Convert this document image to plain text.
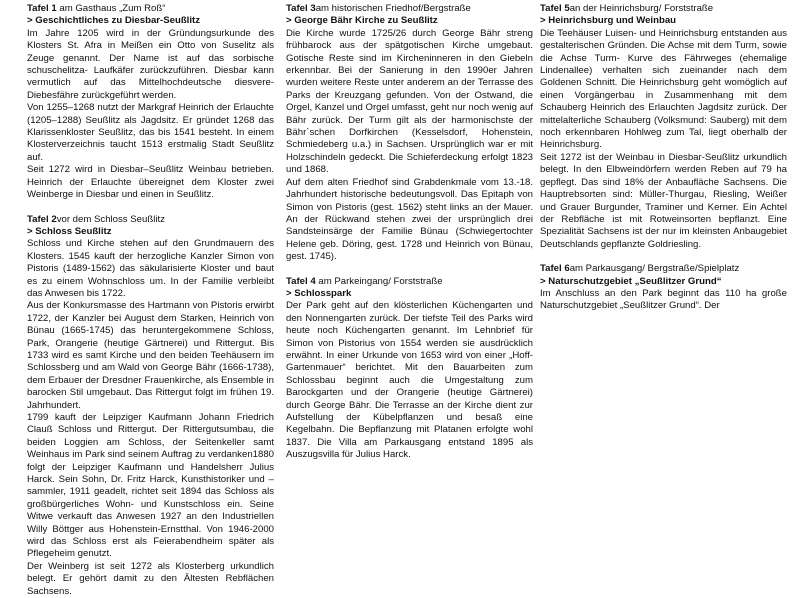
Tafel 1 am Gasthaus „Zum Roß“
> Geschichtliches zu Diesbar-Seußlitz

Im Jahre 1205 wird in der Gründungsurkunde des Klosters St. Afra in Meißen ein Otto von Suselitz als Zeuge genannt. Der Name ist auf das sorbische schuschelitza- Laufkäfer zurückzuführen. Diesbar kann vermutlich auf das Mittelhochdeutsche diesvere- Diebesfähre zurückgeführt werden.

Von 1255–1268 nutzt der Markgraf Heinrich der Erlauchte (1205–1288) Seußlitz als Jagdsitz. Er gründet 1268 das Klarissenkloster Seußlitz, das bis 1541 besteht. In einem Klosterverzeichnis taucht 1513 erstmalig Stadt Seußlitz auf.

Seit 1272 wird in Diesbar–Seußlitz Weinbau betrieben. Heinrich der Erlauchte übereignet dem Kloster zwei Weinberge in Diesbar und einen in Seußlitz.

Tafel 2vor dem Schloss Seußlitz
> Schloss Seußlitz

Schloss und Kirche stehen auf den Grundmauern des Klosters. 1545 kauft der herzogliche Kanzler Simon von Pistoris (1489-1562) das säkularisierte Kloster und baut es zu einem Wohnschloss um. In der Familie verbleibt das Anwesen bis 1722.

Aus der Konkursmasse des Hartmann von Pistoris erwirbt 1722, der Kanzler bei August dem Starken, Heinrich von Bünau (1665-1745) das heruntergekommene Schloss, Park, Orangerie (heutige Gärtnerei) und Rittergut. Bis 1733 wird es samt Kirche und den beiden Teehäusern im Schlossberg und am Wald von George Bähr (1666-1738), dem Erbauer der Dresdner Frauenkirche, als Ensemble in barocken Stil umgebaut. Das Rittergut folgt im frühen 19. Jahrhundert.

1799 kauft der Leipziger Kaufmann Johann Friedrich Clauß Schloss und Rittergut. Der Rittergutsumbau, die beiden Loggien am Schloss, der Seitenkeller samt Weinhaus im Park sind seinem Auftrag zu verdanken1880 folgt der Leipziger Kaufmann und Handelsherr Julius Harck. Sein Sohn, Dr. Fritz Harck, Kunsthistoriker und –sammler, 1911 geadelt, richtet seit 1894 das Schloss als großbürgerliches Wohn- und Kunstschloss ein. Seine Witwe verkauft das Anwesen 1927 an den Industriellen Willy Böttger aus Hohenstein-Ernstthal. Von 1946-2000 wird das Schloss erst als Feierabendheim später als Pflegeheim genutzt.

Der Weinberg ist seit 1272 als Klosterberg urkundlich belegt. Er gehört damit zu den Ältesten Rebflächen Sachsens.

Tafel 3am historischen Friedhof/Bergstraße
> George Bähr Kirche zu Seußlitz

Die Kirche wurde 1725/26 durch George Bähr streng frühbarock aus der spätgotischen Kirche umgebaut. Gotische Reste sind im Kircheninneren in den Giebeln erkennbar. Bei der Sanierung in den 1990er Jahren wurden weitere Reste unter anderem an der Terrasse des Parks der Kreuzgang gefunden. Von der Ostwand, die Orgel, Kanzel und Orgel umfasst, geht nur noch wenig auf Bähr zurück. Der Turm gilt als der harmonischste der Bähr`schen Dorfkirchen (Kesselsdorf, Hohenstein, Schmiedeberg u.a.) in Sachsen. Ursprünglich war er mit Holzschindeln gedeckt. Die Schieferdeckung erfolgt 1823 und 1868.

Auf dem alten Friedhof sind Grabdenkmale vom 13.-18. Jahrhundert historische bedeutungsvoll. Das Epitaph von Simon von Pistoris (gest. 1562) steht links an der Mauer. An der Rückwand stehen zwei der ursprünglich drei Sandsteinsärge der Familie Bünau (Schwiegertochter Helene geb. Döring, gest. 1728 und Heinrich von Bünau, gest. 1745).

Tafel 4 am Parkeingang/ Forststraße
> Schlosspark

Der Park geht auf den klösterlichen Küchengarten und den Nonnengarten zurück. Der tiefste Teil des Parks wird heute noch Küchengarten genannt. Im Lehnbrief für Simon von Pistorius von 1554 werden sie ausdrücklich erwähnt. In einer Urkunde von 1653 wird von einer „Hoff-Gartenmauer“ berichtet. Mit den Bauarbeiten zum Schlossbau beginnt auch die Umgestaltung zum Barockgarten und der Orangerie (heutige Gärtnerei) durch George Bähr. Die Terrasse an der Kirche dient zur Aufstellung der Kübelpflanzen und besaß eine Kegelbahn. Die Bepflanzung mit Platanen erfolgte wohl 1837. Die Villa am Parkausgang entstand 1895 als Auszugsvilla für Julius Harck.

Tafel 5an der Heinrichsburg/ Forststraße
> Heinrichsburg und Weinbau

Die Teehäuser Luisen- und Heinrichsburg entstanden aus gestalterischen Gründen. Die Achse mit dem Turm, sowie die Achse Turm- Kurve des Fährweges (ehemalige Lindenallee) verhalten sich zueinander nach dem Goldenen Schnitt. Die Heinrichsburg geht womöglich auf einen Vorgängerbau in Zusammenhang mit dem Schauberg Heinrich des Erlauchten Jagdsitz zurück. Der mittelalterliche Schauberg (Volksmund: Sauberg) mit dem noch erkennbaren Hohlweg zum Tal, liegt oberhalb der Heinrichsburg.

Seit 1272 ist der Weinbau in Diesbar-Seußlitz urkundlich belegt. In den Elbweindörfern werden Reben auf 79 ha gepflegt. Das sind 18% der Anbaufläche Sachsens. Die Hauptrebsorten sind: Müller-Thurgau, Riesling, Weißer und Grauer Burgunder, Traminer und Kerner. Ein Achtel der Rebfläche ist mit Rotweinsorten bepflanzt. Eine Spezialität Sachsens ist der nur im kleinsten Anbaugebiet Deutschlands gepflanzte Goldriesling.

Tafel 6am Parkausgang/ Bergstraße/Spielplatz
> Naturschutzgebiet „Seußlitzer Grund“

Im Anschluss an den Park beginnt das 110 ha große Naturschutzgebiet „Seußlitzer Grund“. Der
